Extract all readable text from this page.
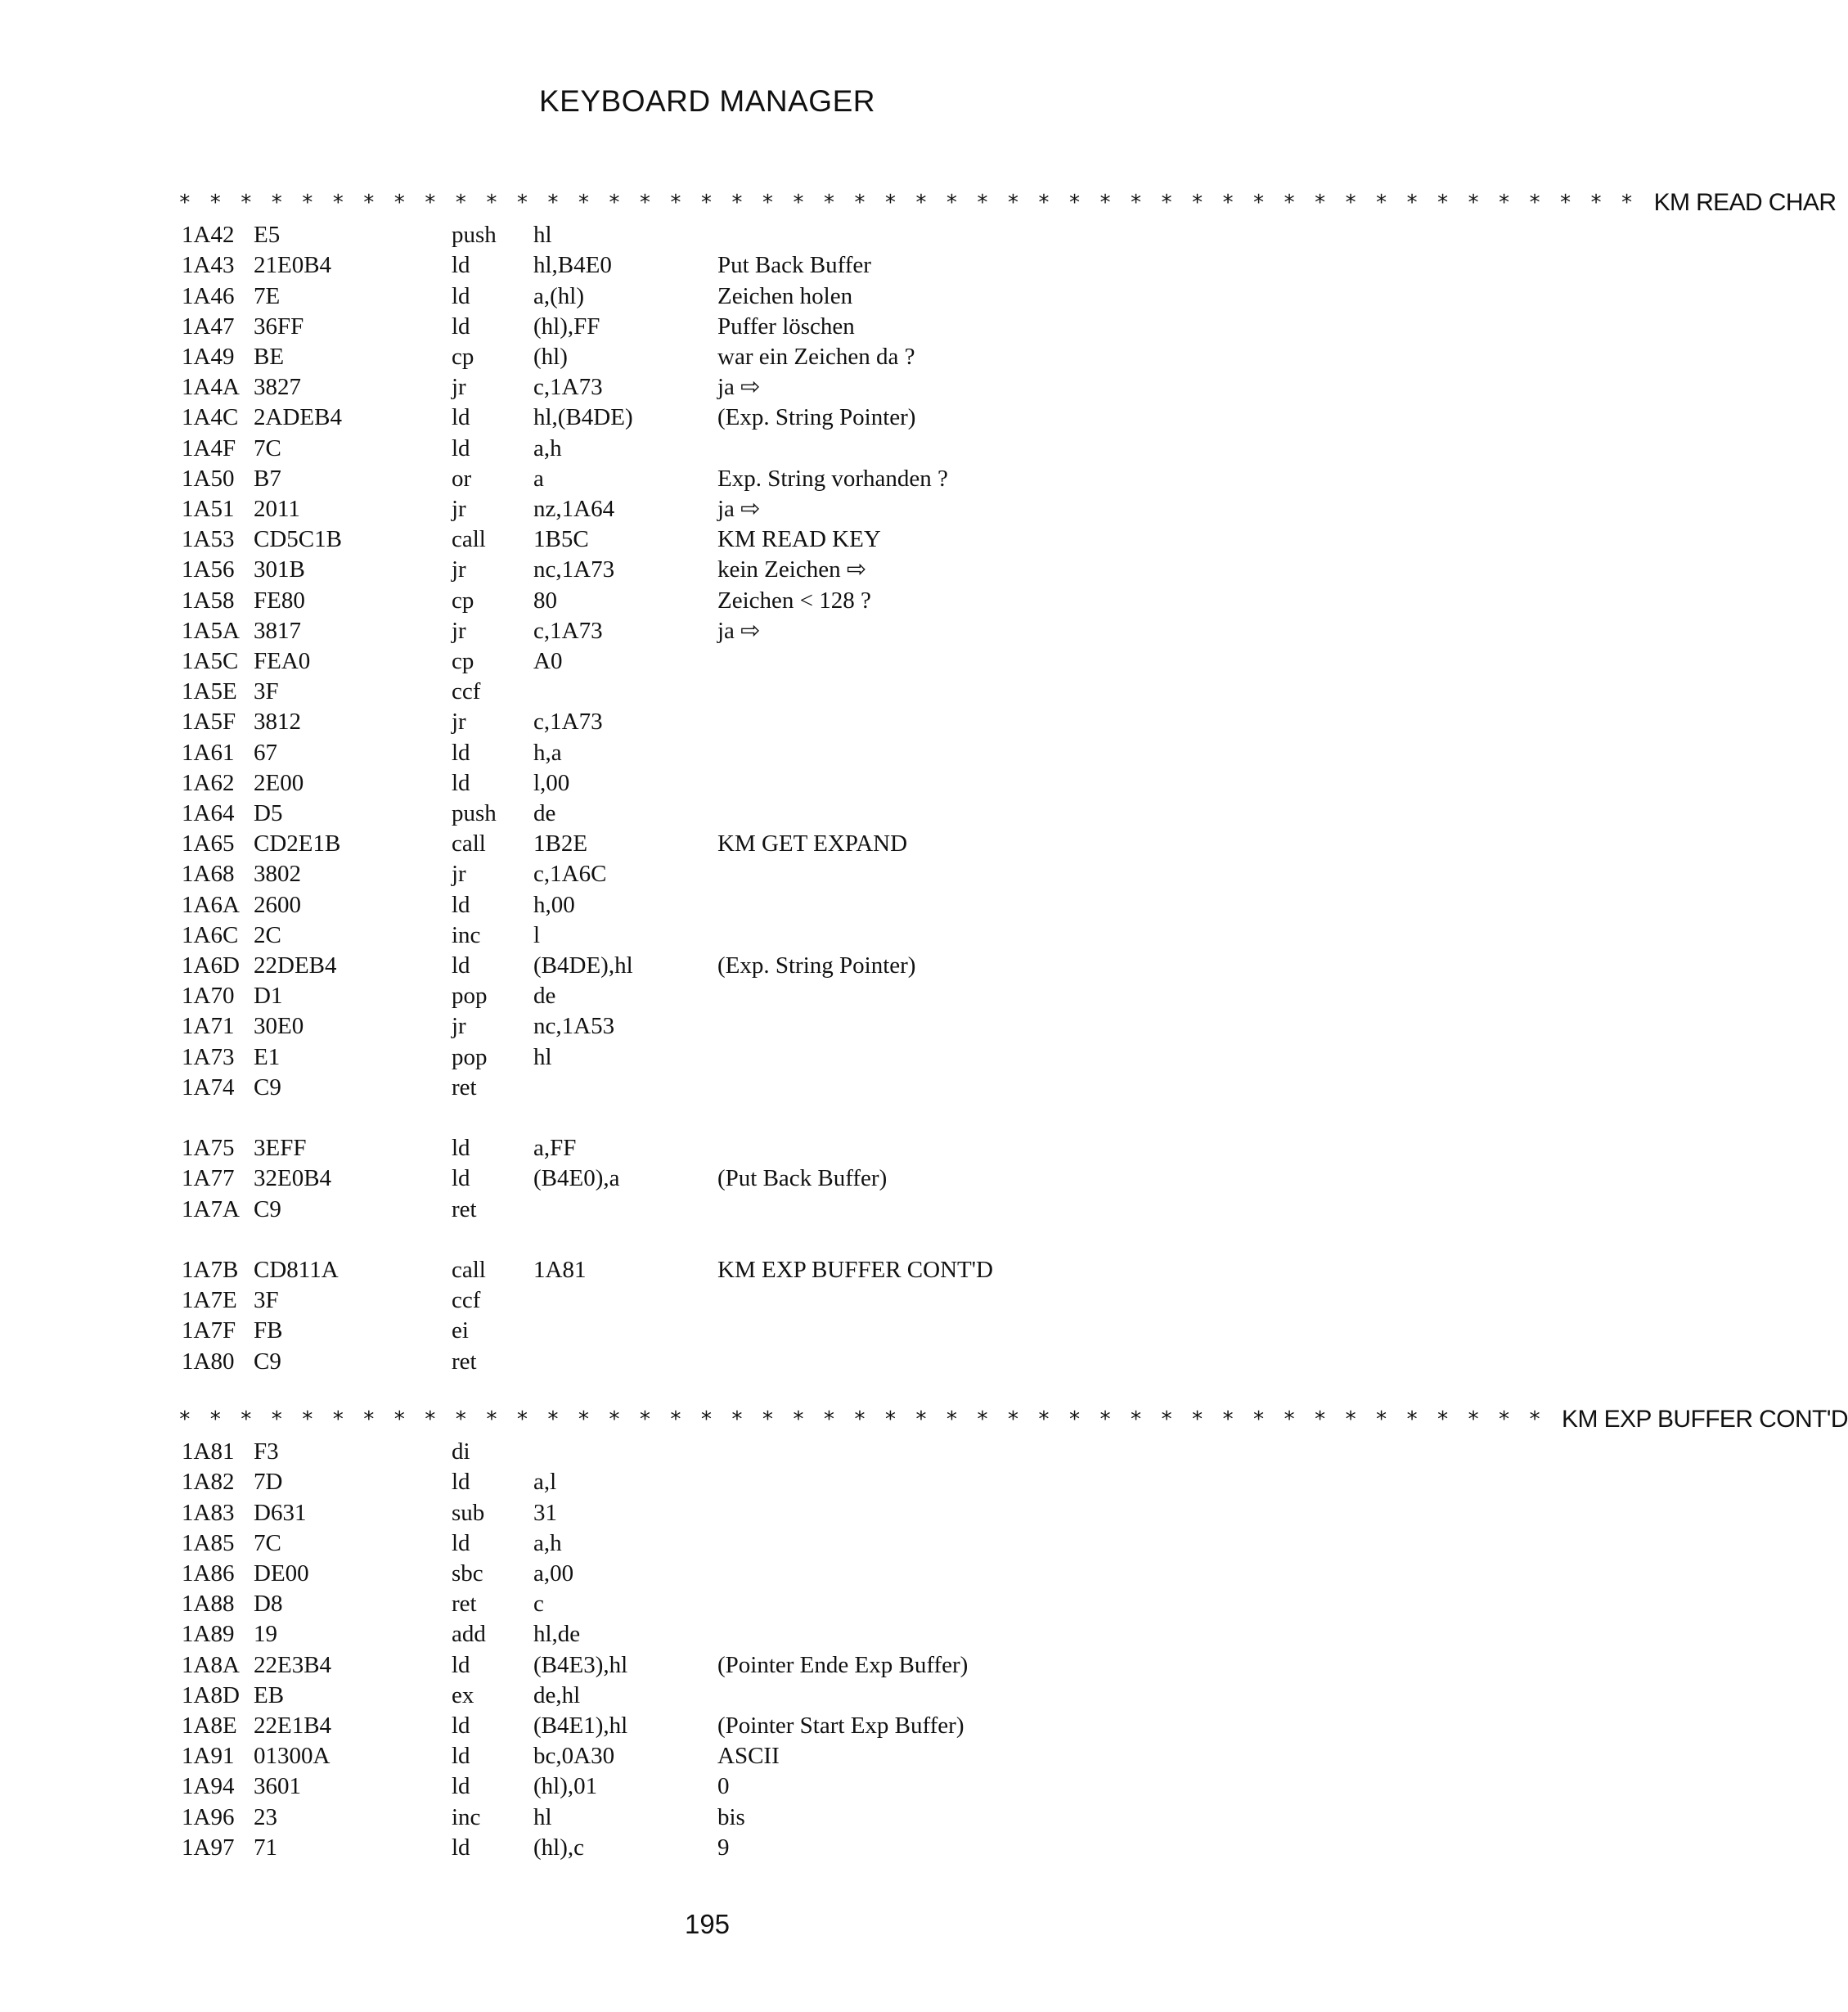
KEYBOARD MANAGER
* * * * * * * * * * * * * * * * * * * * * * * * * * * * * * * * * * * * * * * * * * * * * * * * KM READ CHAR
1A42 E5	push hl
1A43 21E0B4	ld	hl,B4E0	Put Back Buffer
1A46 7E	ld	a,(hl)	Zeichen holen
1A47 36FF	ld	(hl),FF	Puffer löschen
1A49 BE	cp	(hl)	war ein Zeichen da ?
1A4A 3827	jr	c,1A73	ja ⇨
1A4C 2ADEB4	ld	hl,(B4DE)	(Exp. String Pointer)
1A4F 7C	ld	a,h
1A50 B7	or	a	Exp. String vorhanden ?
1A51 2011	jr	nz,1A64	ja ⇨
1A53 CD5C1B	call 1B5C	KM READ KEY
1A56 301B	jr	nc,1A73	kein Zeichen ⇨
1A58 FE80	cp	80	Zeichen < 128 ?
1A5A 3817	jr	c,1A73	ja ⇨
1A5C FEA0	cp	A0
1A5E 3F	ccf
1A5F 3812	jr	c,1A73
1A61 67	ld	h,a
1A62 2E00	ld	l,00
1A64 D5	push de
1A65 CD2E1B	call 1B2E	KM GET EXPAND
1A68 3802	jr	c,1A6C
1A6A 2600	ld	h,00
1A6C 2C	inc l
1A6D 22DEB4	ld	(B4DE),hl	(Exp. String Pointer)
1A70 D1	pop de
1A71 30E0	jr	nc,1A53
1A73 E1	pop hl
1A74 C9	ret
1A75 3EFF	ld	a,FF
1A77 32E0B4	ld	(B4E0),a	(Put Back Buffer)
1A7A C9	ret
1A7B CD811A	call 1A81	KM EXP BUFFER CONT'D
1A7E 3F	ccf
1A7F FB	ei
1A80 C9	ret
* * * * * * * * * * * * * * * * * * * * * * * * * * * * * * * * * * * * * * * * * * * * * KM EXP BUFFER CONT'D
1A81 F3	di
1A82 7D	ld	a,l
1A83 D631	sub 31
1A85 7C	ld	a,h
1A86 DE00	sbc a,00
1A88 D8	ret c
1A89 19	add hl,de
1A8A 22E3B4	ld	(B4E3),hl	(Pointer Ende Exp Buffer)
1A8D EB	ex	de,hl
1A8E 22E1B4	ld	(B4E1),hl	(Pointer Start Exp Buffer)
1A91 01300A	ld	bc,0A30	ASCII
1A94 3601	ld	(hl),01	0
1A96 23	inc hl	bis
1A97 71	ld	(hl),c	9
195
